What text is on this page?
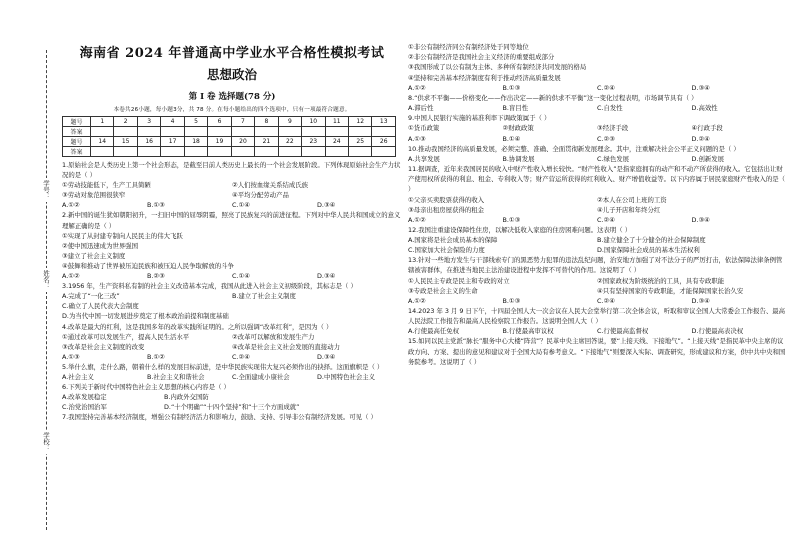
学号：
姓名：
学校：
海南省 2024 年普通高中学业水平合格性模拟考试
思想政治
第 I 卷 选择题(78 分)
本卷共26小题，每小题3分，共 78 分。在每小题给出的四个选项中，只有一项最符合题意。
题号	1	2	3	4	5	6	7	8	9	10	11	12	13
答案													
题号	14	15	16	17	18	19	20	21	22	23	24	25	26
答案													
1.原始社会是人类历史上第一个社会形态，是截至目前人类历史上最长的一个社会发展阶段。下列体现原始社会生产力状况的是（ ）
①劳动技能低下，生产工具简陋	②人们按血缘关系结成氏族
③劳动对象范围很狭窄	④平均分配劳动产品
A.①②	B.①③	C.①④	D.③④
2.新中国的诞生犹如朝阳初升，一扫旧中国的屈辱阴霾，照亮了民族复兴的前进征程。下列对中华人民共和国成立的意义理解正确的是（ ）
①实现了从封建专制向人民民主的伟大飞跃
②使中国迅速成为世界强国
③建立了社会主义制度
④鼓舞和推动了世界被压迫民族和被压迫人民争取解放的斗争
A.①②	B.②③	C.①④	D.③④
3.1956 年，生产资料私有制的社会主义改造基本完成，我国从此进入社会主义初级阶段，其标志是（ ）
A.完成了“一化三改”	B.建立了社会主义制度
C.确立了人民代表大会制度
D.为当代中国一切发展进步奠定了根本政治前提和制度基础
4.改革是最大的红利，这是我国多年的改革实践所证明的。之所以强调“改革红利”，是因为（ ）
①通过改革可以发展生产，提高人民生活水平	②改革可以解放和发展生产力
③改革是社会主义制度的改变	④改革是社会主义社会发展的直接动力
A.①③	B.①②	C.②④	D.③④
5.举什么旗，走什么路，朝着什么样的发展目标前进，是中华民族实现伟大复兴必须作出的抉择。这面旗帜是（ ）
A.社会主义	B.社会主义和谐社会	C.全面建成小康社会	D.中国特色社会主义
6.下列关于新时代中国特色社会主义思想的核心内容是（ ）
A.改革发展稳定	B.内政外交国防
C.治党治国治军	D.“十个明确”“十四个坚持”和“十三个方面成就”
7.我国坚持完善基本经济制度，增强公有制经济活力和影响力，鼓励、支持、引导非公有制经济发展。可见（ ）
①非公有制经济同公有制经济处于同等地位
②非公有制经济是我国社会主义经济的重要组成部分
③我国形成了以公有制为主体、多种所有制经济共同发展的格局
④坚持和完善基本经济制度有利于推动经济高质量发展
A.①②	B.①③	C.②④	D.③④
8.“供求不平衡——价格变化——作出决定——新的供求不平衡”这一变化过程表明，市场调节具有（ ）
A.滞后性	B.盲目性	C.自发性	D.高效性
9.中国人民银行实施的基准利率下调政策属于（ ）
①货币政策	②财政政策	③经济手段	④行政手段
A.①③	B.①④	C.②③	D.②④
10.推动我国经济的高质量发展，必须完整、准确、全面贯彻新发展理念。其中，注重解决社会公平正义问题的是（ ）
A.共享发展	B.协调发展	C.绿色发展	D.创新发展
11.据调查，近年来我国居民的收入中财产性收入增长较快。“财产性收入”是指家庭拥有的动产和不动产所获得的收入。它包括出让财产使用权所获得的利息、租金、专利收入等；财产营运所获得的红利收入、财产增值收益等。以下内容属于居民家庭财产性收入的是（ ）
①父亲买卖股票获得的收入	②本人在公司上班的工资
③母亲出租房屋获得的租金	④儿子开店和年终分红
A.①②	B.①③	C.②④	D.③④
12.我国注重建设保障性住房，以解决低收入家庭的住房困难问题。这表明（ ）
A.国家将是社会成员基本的保障	B.建立健全了十分健全的社会保障制度
C.国家加大社会保险的力度	D.国家保障社会成员的基本生活权利
13.针对一些地方发生与干部线索专门的黑恶势力犯罪的违法乱纪问题，治安地方加强了对不法分子的严厉打击，依法保障法律条例管辖被害群体，在推进当地民主法治建设进程中发挥不可替代的作用。这说明了（ ）
①人民民主专政是民主和专政的对立	②国家政权为阶级统治的工具，具有专政职能
③专政是社会主义的生命	④只有坚持国家的专政职能，才能保障国家长治久安
A.①②	B.①③	C.②④	D.③④
14.2023 年 3 月 9 日下午，十四届全国人大一次会议在人民大会堂举行第二次全体会议，听取和审议全国人大常委会工作报告、最高人民法院工作报告和最高人民检察院工作报告。这说明全国人大（ ）
A.行使最高任免权	B.行使最高审议权	C.行使最高监督权	D.行使最高表决权
15.如同以民主党派“脉长”服务中心大楼“阵营”？民革中央主席回答说，要“上接天线、下接地气”。“上接天线”是指民革中央主席的议政方向、方案、提出的意见和建议对于全国大局有参考意义。“下接地气”则要深入实际、调查研究，形成建议和方案，供中共中央和国务院参考。这说明了（ ）
